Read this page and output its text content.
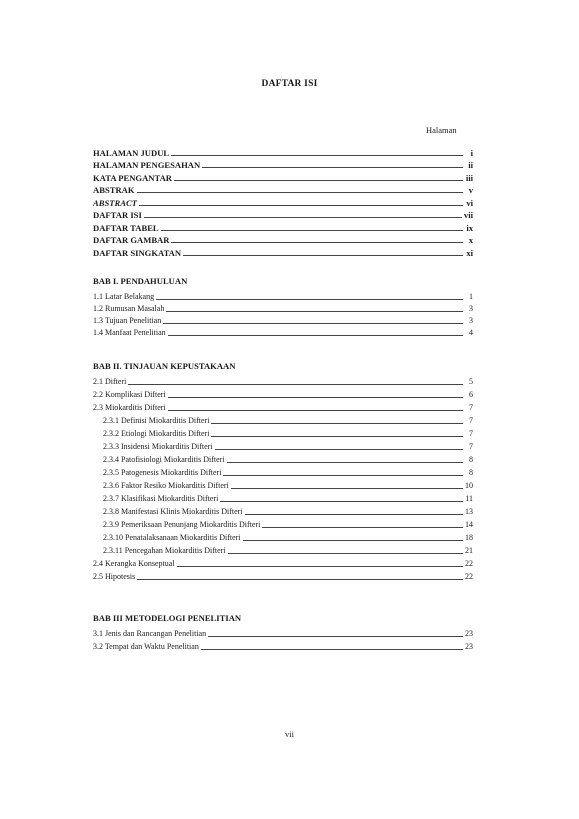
DAFTAR ISI
Halaman
HALAMAN JUDUL	i
HALAMAN PENGESAHAN	ii
KATA PENGANTAR	iii
ABSTRAK	v
ABSTRACT	vi
DAFTAR ISI	vii
DAFTAR TABEL	ix
DAFTAR GAMBAR	x
DAFTAR SINGKATAN	xi
BAB I. PENDAHULUAN
1.1 Latar Belakang	1
1.2 Rumusan Masalah	3
1.3 Tujuan Penelitian	3
1.4 Manfaat Penelitian	4
BAB II. TINJAUAN KEPUSTAKAAN
2.1 Difteri	5
2.2 Komplikasi Difteri	6
2.3 Miokarditis Difteri	7
2.3.1 Definisi Miokarditis Difteri	7
2.3.2 Etiologi Miokarditis Difteri	7
2.3.3 Insidensi Miokarditis Difteri	7
2.3.4 Patofisiologi Miokarditis Difteri	8
2.3.5 Patogenesis Miokarditis Difteri	8
2.3.6 Faktor Resiko Miokarditis Difteri	10
2.3.7 Klasifikasi Miokarditis Difteri	11
2.3.8 Manifestasi Klinis Miokarditis Difteri	13
2.3.9 Pemeriksaan Penunjang Miokarditis Difteri	14
2.3.10 Penatalaksanaan Miokarditis Difteri	18
2.3.11 Pencegahan Miokarditis Difteri	21
2.4 Kerangka Konseptual	22
2.5 Hipotesis	22
BAB III METODELOGI PENELITIAN
3.1 Jenis dan Rancangan Penelitian	23
3.2 Tempat dan Waktu Penelitian	23
vii
